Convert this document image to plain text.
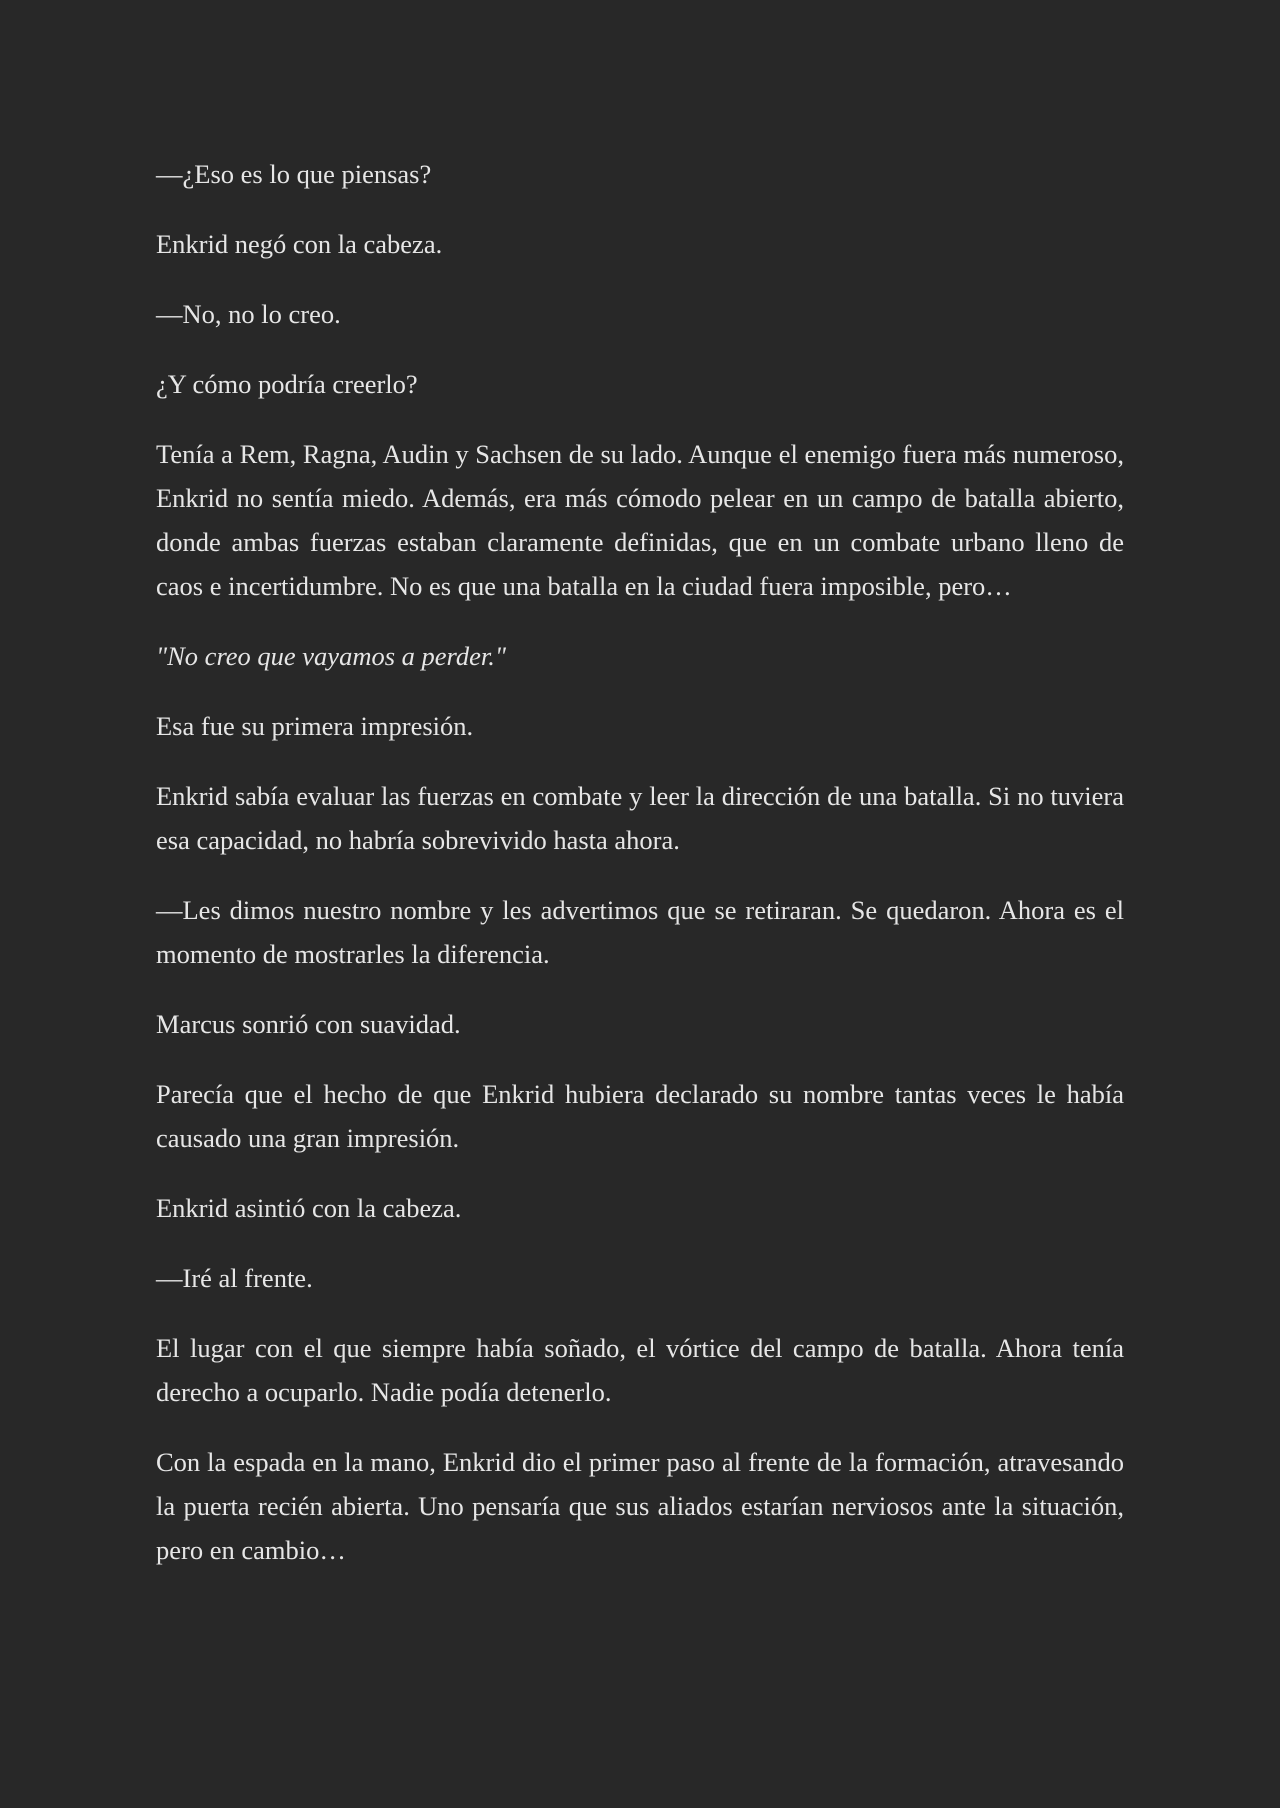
—¿Eso es lo que piensas?

Enkrid negó con la cabeza.

—No, no lo creo.

¿Y cómo podría creerlo?

Tenía a Rem, Ragna, Audin y Sachsen de su lado. Aunque el enemigo fuera más numeroso, Enkrid no sentía miedo. Además, era más cómodo pelear en un campo de batalla abierto, donde ambas fuerzas estaban claramente definidas, que en un combate urbano lleno de caos e incertidumbre. No es que una batalla en la ciudad fuera imposible, pero…

"No creo que vayamos a perder."

Esa fue su primera impresión.

Enkrid sabía evaluar las fuerzas en combate y leer la dirección de una batalla. Si no tuviera esa capacidad, no habría sobrevivido hasta ahora.

—Les dimos nuestro nombre y les advertimos que se retiraran. Se quedaron. Ahora es el momento de mostrarles la diferencia.

Marcus sonrió con suavidad.

Parecía que el hecho de que Enkrid hubiera declarado su nombre tantas veces le había causado una gran impresión.

Enkrid asintió con la cabeza.

—Iré al frente.

El lugar con el que siempre había soñado, el vórtice del campo de batalla. Ahora tenía derecho a ocuparlo. Nadie podía detenerlo.

Con la espada en la mano, Enkrid dio el primer paso al frente de la formación, atravesando la puerta recién abierta. Uno pensaría que sus aliados estarían nerviosos ante la situación, pero en cambio…
